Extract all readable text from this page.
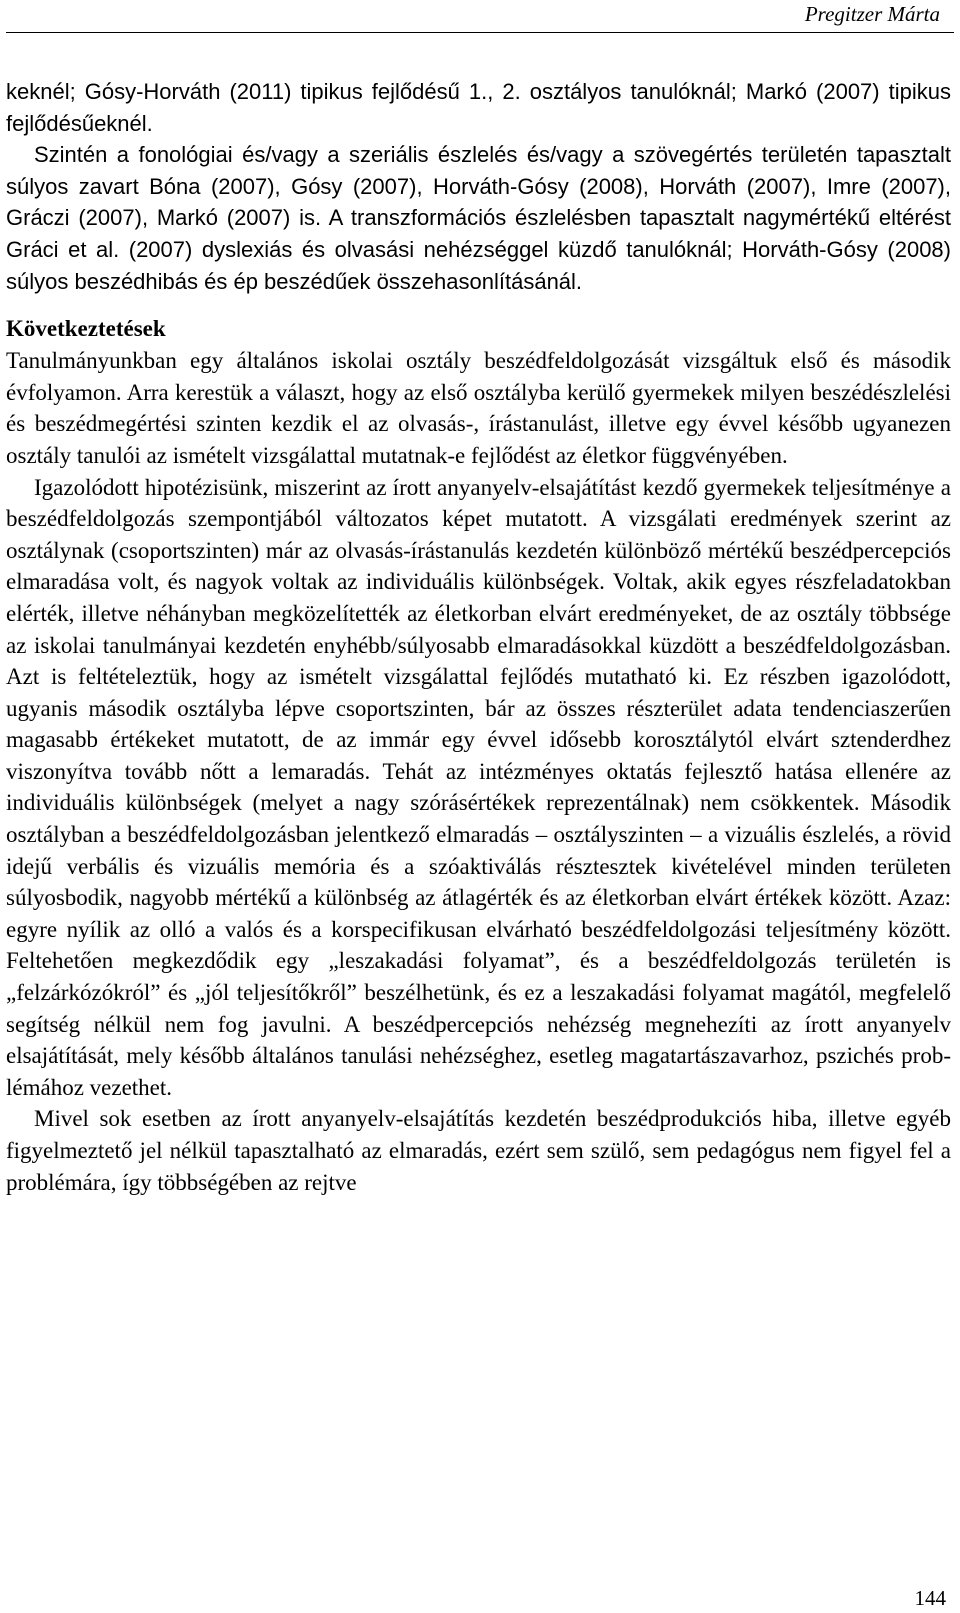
Pregitzer Márta

keknél; Gósy-Horváth (2011) tipikus fejlődésű 1., 2. osztályos tanulóknál; Markó (2007) tipikus fejlődésűeknél.

Szintén a fonológiai és/vagy a szeriális észlelés és/vagy a szövegértés területén tapasztalt súlyos zavart Bóna (2007), Gósy (2007), Horváth-Gósy (2008), Horváth (2007), Imre (2007), Gráczi (2007), Markó (2007) is. A transzformációs észlelésben tapasztalt nagymértékű eltérést Gráci et al. (2007) dyslexiás és olvasási nehézséggel küzdő tanulóknál; Horváth-Gósy (2008) súlyos beszédhibás és ép beszédűek összehasonlításánál.

Következtetések

Tanulmányunkban egy általános iskolai osztály beszédfeldolgozását vizsgáltuk első és második évfolyamon. Arra kerestük a választ, hogy az első osztályba kerülő gyermekek milyen beszédészlelési és beszédmegértési szinten kezdik el az olvasás-, írástanulást, illetve egy évvel később ugyanezen osztály tanulói az ismételt vizsgálattal mutatnak-e fejlődést az életkor függvényében.

Igazolódott hipotézisünk, miszerint az írott anyanyelv-elsajátítást kezdő gyermekek teljesítménye a beszédfeldolgozás szempontjából változatos képet mutatott. A vizsgálati eredmények szerint az osztálynak (csoportszinten) már az olvasás-írástanulás kezdetén különböző mértékű beszédpercepciós elmaradása volt, és nagyok voltak az individuális különbségek. Voltak, akik egyes részfeladatokban elérték, illetve néhányban megközelítették az életkorban elvárt eredményeket, de az osztály többsége az iskolai tanulmányai kezdetén enyhébb/súlyosabb elmaradásokkal küzdött a beszédfeldolgozásban. Azt is feltételeztük, hogy az ismételt vizsgálattal fejlődés mutatható ki. Ez részben igazolódott, ugyanis második osztályba lépve csoportszinten, bár az összes részterület adata tendenciaszerűen magasabb értékeket mutatott, de az immár egy évvel idősebb korosztálytól elvárt sztenderdhez viszonyítva tovább nőtt a lemaradás. Tehát az intézményes oktatás fejlesztő hatása ellenére az individuális különbségek (melyet a nagy szórásértékek reprezentálnak) nem csökkentek. Második osztályban a beszédfeldolgozásban jelentkező elmaradás – osztályszinten – a vizuális észlelés, a rövid idejű verbális és vizuális memória és a szóaktiválás résztesztek kivételével minden területen súlyosbodik, nagyobb mértékű a különbség az átlagérték és az életkorban elvárt értékek között. Azaz: egyre nyílik az olló a valós és a korspecifikusan elvárható beszédfeldolgozási teljesítmény között. Feltehetően megkezdődik egy „leszakadási folyamat”, és a beszédfeldolgozás területén is „felzárkózókról” és „jól teljesítőkről” beszélhetünk, és ez a leszakadási folyamat magától, megfelelő segítség nélkül nem fog javulni. A beszédpercepciós nehézség megnehezíti az írott anyanyelv elsajátítását, mely később általános tanulási nehézséghez, esetleg magatartászavarhoz, pszichés problémához vezethet.

Mivel sok esetben az írott anyanyelv-elsajátítás kezdetén beszédprodukciós hiba, illetve egyéb figyelmeztető jel nélkül tapasztalható az elmaradás, ezért sem szülő, sem pedagógus nem figyel fel a problémára, így többségében az rejtve

144
